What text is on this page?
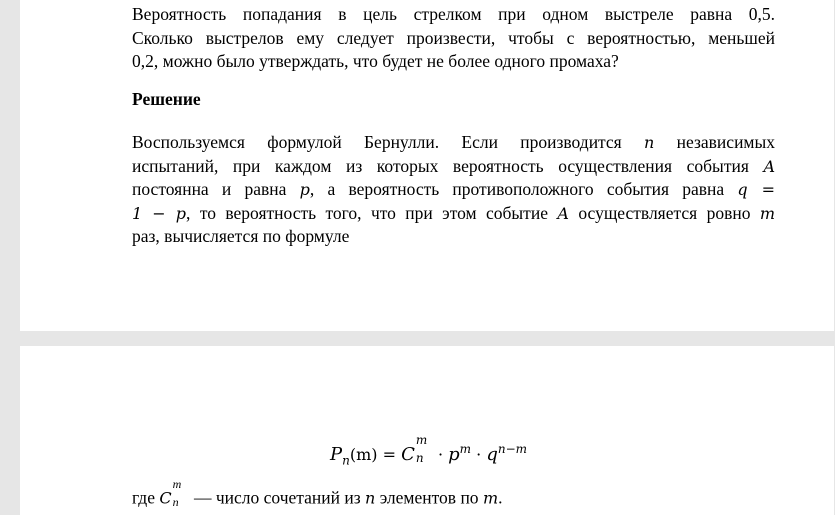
Вероятность попадания в цель стрелком при одном выстреле равна 0,5.
Сколько выстрелов ему следует произвести, чтобы с вероятностью, меньшей
0,2, можно было утверждать, что будет не более одного промаха?
Решение
Воспользуемся формулой Бернулли. Если производится n независимых
испытаний, при каждом из которых вероятность осуществления события A
постоянна и равна p, а вероятность противоположного события равна q =
1 − p, то вероятность того, что при этом событие A осуществляется ровно m
раз, вычисляется по формуле
$P_n(m) = C$
m
$n \cdot p^m \cdot q^{n-m}$
где C
m
n — число сочетаний из n элементов по m.
